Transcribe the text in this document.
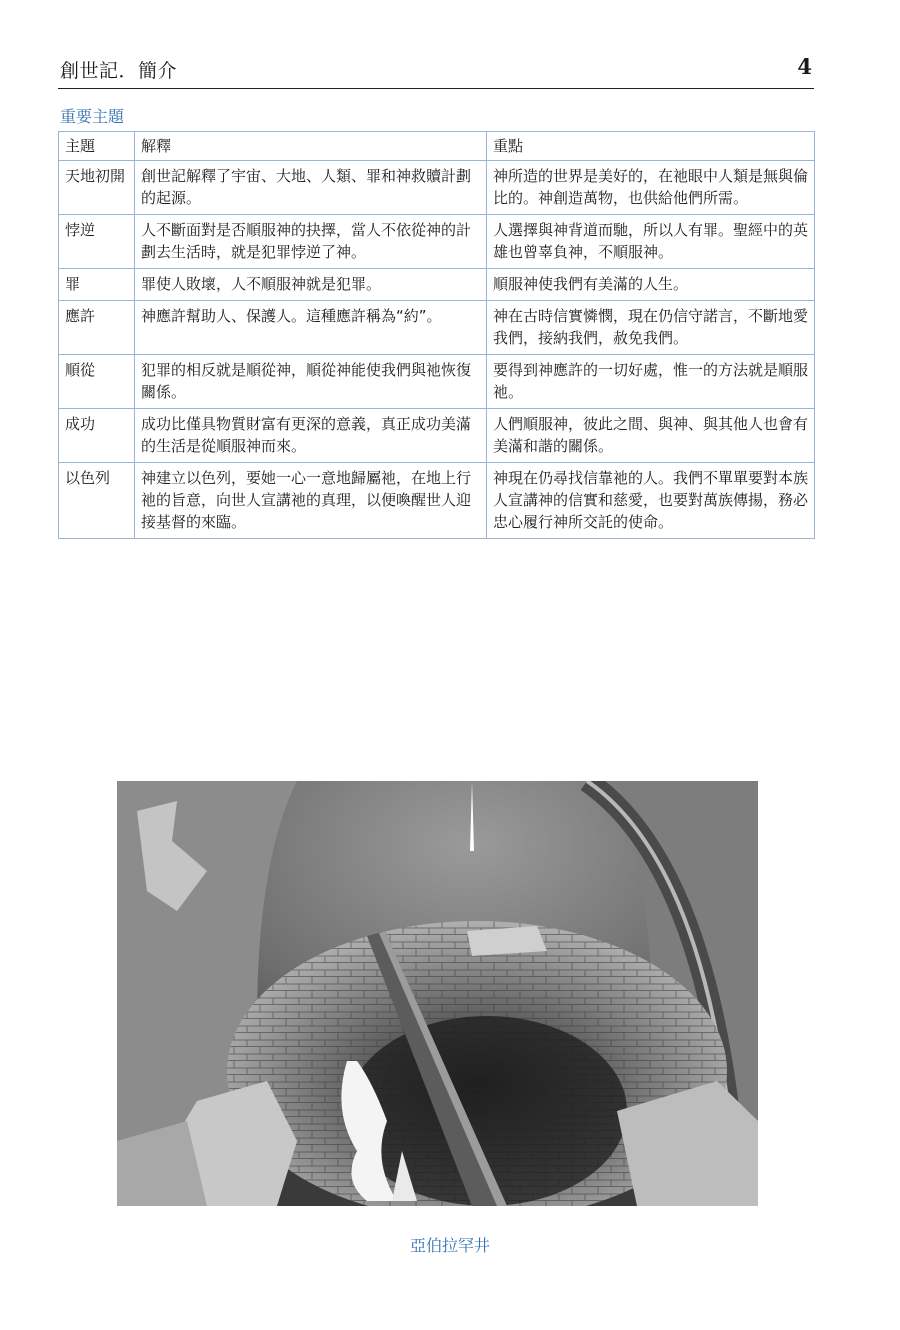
創世記．簡介	4
重要主題
主題	解釋	重點
天地初開	創世記解釋了宇宙、大地、人類、罪和神救贖計劃的起源。	神所造的世界是美好的，在祂眼中人類是無與倫比的。神創造萬物，也供給他們所需。
悖逆	人不斷面對是否順服神的抉擇，當人不依從神的計劃去生活時，就是犯罪悖逆了神。	人選擇與神背道而馳，所以人有罪。聖經中的英雄也曾辜負神，不順服神。
罪	罪使人敗壞，人不順服神就是犯罪。	順服神使我們有美滿的人生。
應許	神應許幫助人、保護人。這種應許稱為“約”。	神在古時信實憐憫，現在仍信守諾言，不斷地愛我們，接納我們，赦免我們。
順從	犯罪的相反就是順從神，順從神能使我們與祂恢復關係。	要得到神應許的一切好處，惟一的方法就是順服祂。
成功	成功比僅具物質財富有更深的意義，真正成功美滿的生活是從順服神而來。	人們順服神，彼此之間、與神、與其他人也會有美滿和諧的關係。
以色列	神建立以色列，要她一心一意地歸屬祂，在地上行祂的旨意，向世人宣講祂的真理，以便喚醒世人迎接基督的來臨。	神現在仍尋找信靠祂的人。我們不單單要對本族人宣講神的信實和慈愛，也要對萬族傳揚，務必忠心履行神所交託的使命。
亞伯拉罕井
